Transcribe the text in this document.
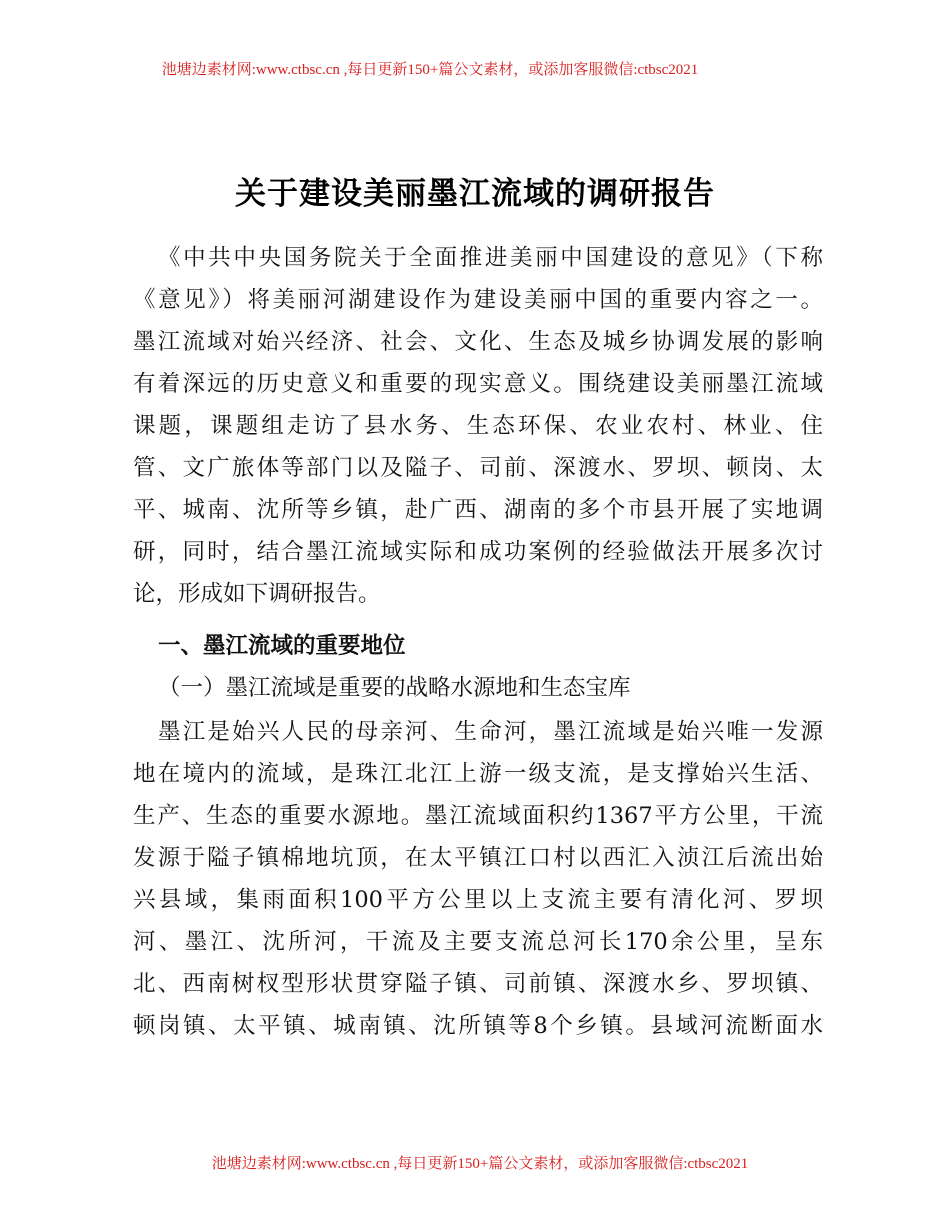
池塘边素材网:www.ctbsc.cn ,每日更新150+篇公文素材，或添加客服微信:ctbsc2021
关于建设美丽墨江流域的调研报告
《中共中央国务院关于全面推进美丽中国建设的意见》（下称
《意见》）将美丽河湖建设作为建设美丽中国的重要内容之一。
墨江流域对始兴经济、社会、文化、生态及城乡协调发展的影响
有着深远的历史意义和重要的现实意义。围绕建设美丽墨江流域
课题，课题组走访了县水务、生态环保、农业农村、林业、住
管、文广旅体等部门以及隘子、司前、深渡水、罗坝、顿岗、太
平、城南、沈所等乡镇，赴广西、湖南的多个市县开展了实地调
研，同时，结合墨江流域实际和成功案例的经验做法开展多次讨
论，形成如下调研报告。
一、墨江流域的重要地位
（一）墨江流域是重要的战略水源地和生态宝库
墨江是始兴人民的母亲河、生命河，墨江流域是始兴唯一发源
地在境内的流域，是珠江北江上游一级支流，是支撑始兴生活、
生产、生态的重要水源地。墨江流域面积约1367平方公里，干流
发源于隘子镇棉地坑顶，在太平镇江口村以西汇入浈江后流出始
兴县域，集雨面积100平方公里以上支流主要有清化河、罗坝
河、墨江、沈所河，干流及主要支流总河长170余公里，呈东
北、西南树杈型形状贯穿隘子镇、司前镇、深渡水乡、罗坝镇、
顿岗镇、太平镇、城南镇、沈所镇等8个乡镇。县域河流断面水
池塘边素材网:www.ctbsc.cn ,每日更新150+篇公文素材，或添加客服微信:ctbsc2021
